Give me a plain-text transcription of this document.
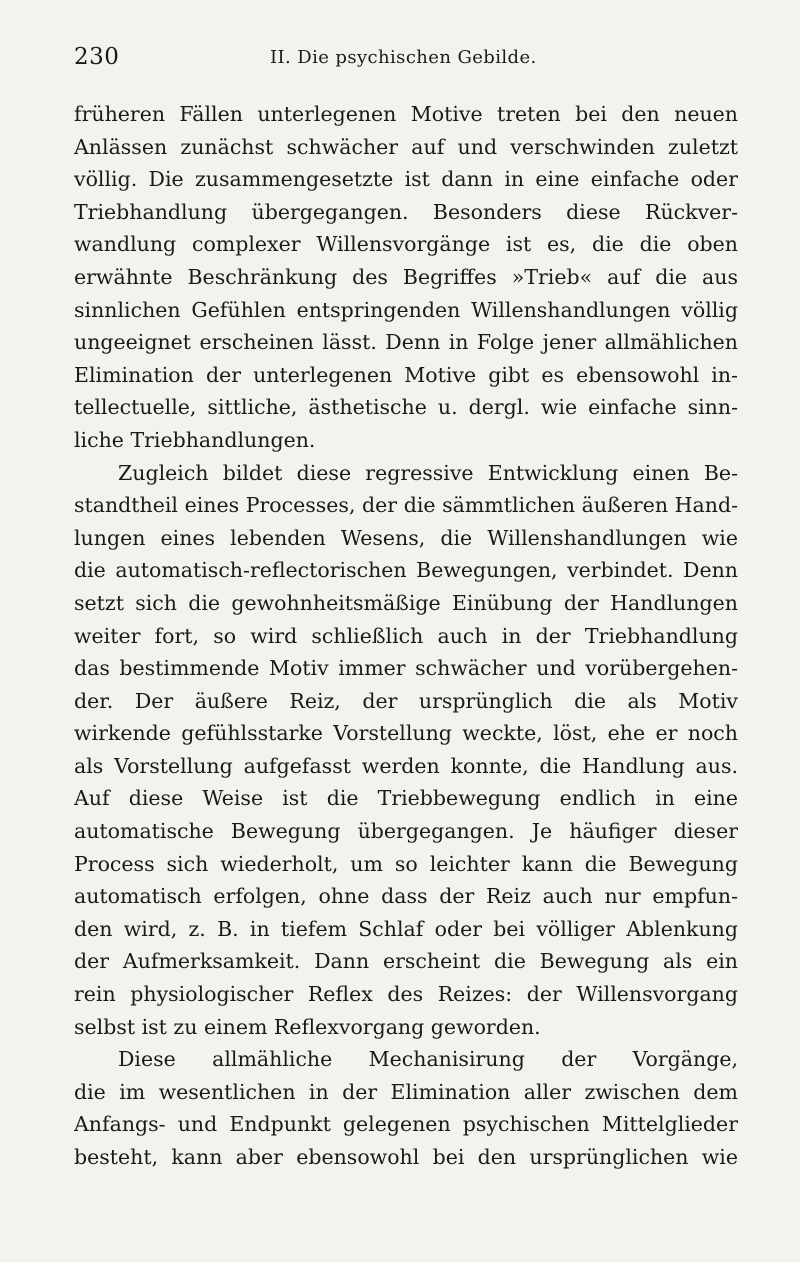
230	II. Die psychischen Gebilde.
früheren Fällen unterlegenen Motive treten bei den neuen
Anlässen zunächst schwächer auf und verschwinden zuletzt
völlig. Die zusammengesetzte ist dann in eine einfache oder
Triebhandlung übergegangen. Besonders diese Rückver-
wandlung complexer Willensvorgänge ist es, die die oben
erwähnte Beschränkung des Begriffes »Trieb« auf die aus
sinnlichen Gefühlen entspringenden Willenshandlungen völlig
ungeeignet erscheinen lässt. Denn in Folge jener allmählichen
Elimination der unterlegenen Motive gibt es ebensowohl in-
tellectuelle, sittliche, ästhetische u. dergl. wie einfache sinn-
liche Triebhandlungen.
Zugleich bildet diese regressive Entwicklung einen Be-
standtheil eines Processes, der die sämmtlichen äußeren Hand-
lungen eines lebenden Wesens, die Willenshandlungen wie
die automatisch-reflectorischen Bewegungen, verbindet. Denn
setzt sich die gewohnheitsmäßige Einübung der Handlungen
weiter fort, so wird schließlich auch in der Triebhandlung
das bestimmende Motiv immer schwächer und vorübergehen-
der. Der äußere Reiz, der ursprünglich die als Motiv
wirkende gefühlsstarke Vorstellung weckte, löst, ehe er noch
als Vorstellung aufgefasst werden konnte, die Handlung aus.
Auf diese Weise ist die Triebbewegung endlich in eine
automatische Bewegung übergegangen. Je häufiger dieser
Process sich wiederholt, um so leichter kann die Bewegung
automatisch erfolgen, ohne dass der Reiz auch nur empfun-
den wird, z. B. in tiefem Schlaf oder bei völliger Ablenkung
der Aufmerksamkeit. Dann erscheint die Bewegung als ein
rein physiologischer Reflex des Reizes: der Willensvorgang
selbst ist zu einem Reflexvorgang geworden.
Diese allmähliche Mechanisirung der Vorgänge,
die im wesentlichen in der Elimination aller zwischen dem
Anfangs- und Endpunkt gelegenen psychischen Mittelglieder
besteht, kann aber ebensowohl bei den ursprünglichen wie
